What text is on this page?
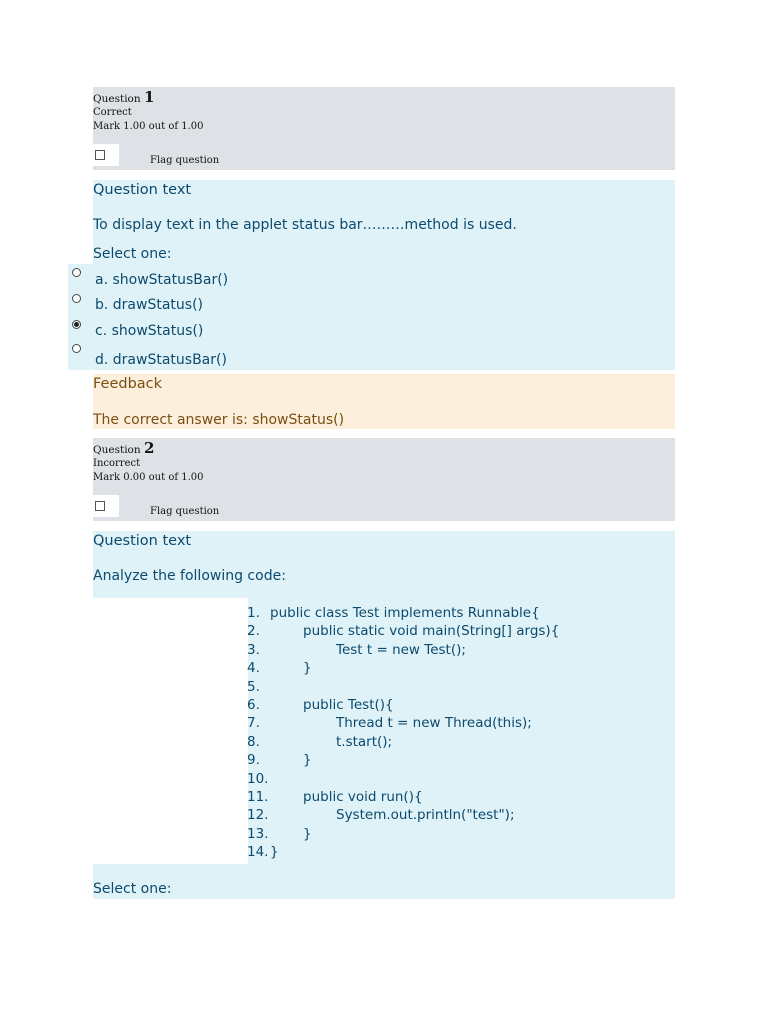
Question 1
Correct
Mark 1.00 out of 1.00
Flag question
Question text
To display text in the applet status bar………method is used.
Select one:
a. showStatusBar()
b. drawStatus()
c. showStatus()
d. drawStatusBar()
Feedback
The correct answer is: showStatus()
Question 2
Incorrect
Mark 0.00 out of 1.00
Flag question
Question text
Analyze the following code:
Select one:
1. public class Test implements Runnable{
2.	public static void main(String[] args){
3.	Test t = new Test();
4.	}
5.
6.	public Test(){
7.	Thread t = new Thread(this);
8.	t.start();
9.	}
10.
11.	public void run(){
12.	System.out.println("test");
13.	}
14. }
